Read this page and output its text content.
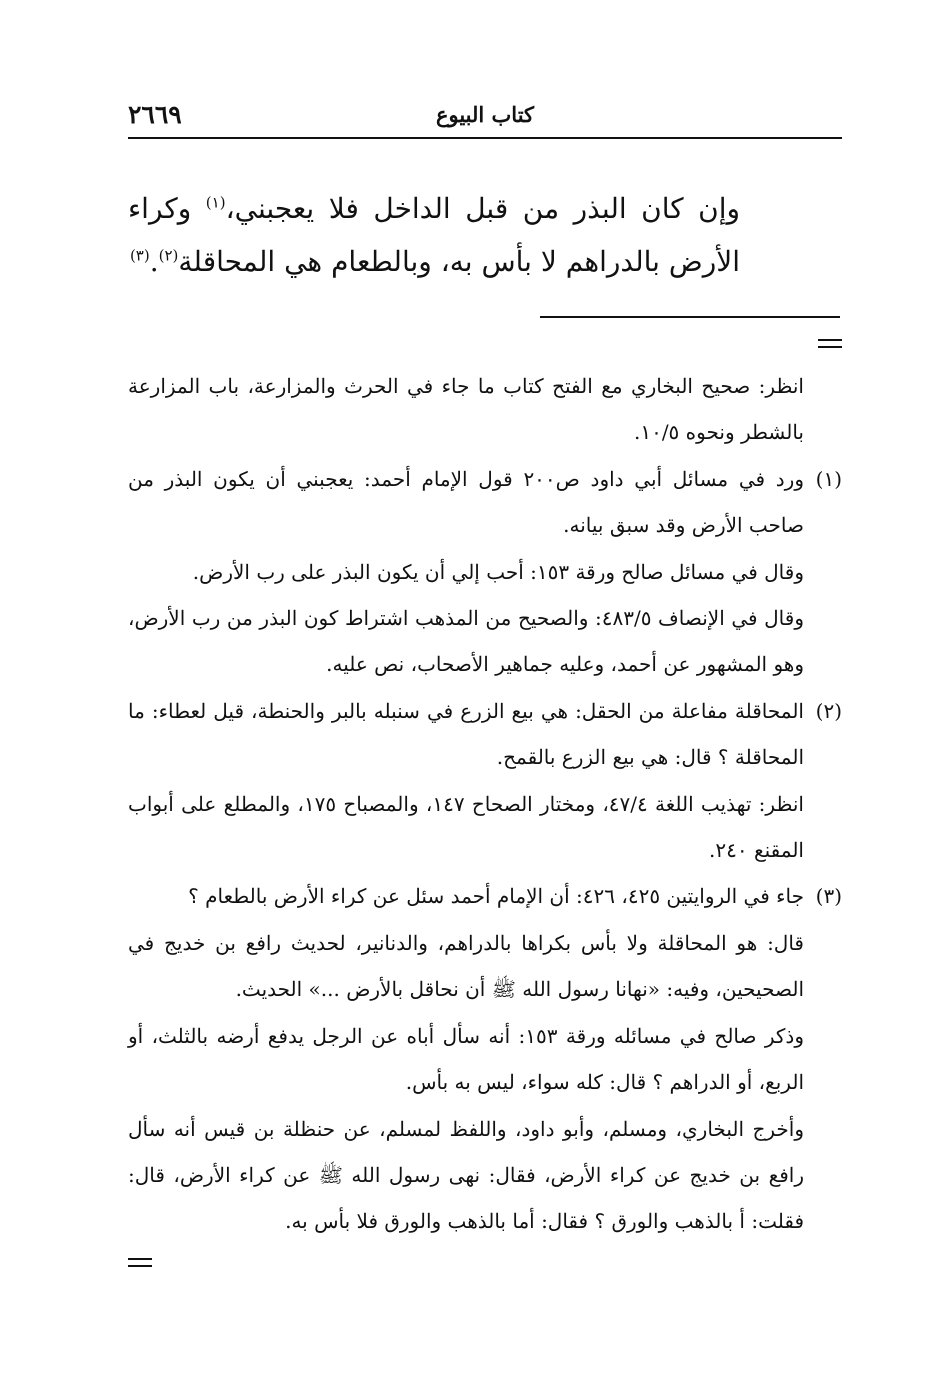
كتاب البيوع
٢٦٦٩
وإن كان البذر من قبل الداخل فلا يعجبني،$^{(١)}$ وكراء الأرض بالدراهم لا بأس به، وبالطعام هي المحاقلة$^{(٢)}$.$^{(٣)}$
انظر: صحيح البخاري مع الفتح كتاب ما جاء في الحرث والمزارعة، باب المزارعة بالشطر ونحوه ١٠/٥.
(١)
ورد في مسائل أبي داود ص٢٠٠ قول الإمام أحمد: يعجبني أن يكون البذر من صاحب الأرض وقد سبق بيانه.
وقال في مسائل صالح ورقة ١٥٣: أحب إلي أن يكون البذر على رب الأرض.
وقال في الإنصاف ٤٨٣/٥: والصحيح من المذهب اشتراط كون البذر من رب الأرض، وهو المشهور عن أحمد، وعليه جماهير الأصحاب، نص عليه.
(٢)
المحاقلة مفاعلة من الحقل: هي بيع الزرع في سنبله بالبر والحنطة، قيل لعطاء: ما المحاقلة ؟ قال: هي بيع الزرع بالقمح.
انظر: تهذيب اللغة ٤٧/٤، ومختار الصحاح ١٤٧، والمصباح ١٧٥، والمطلع على أبواب المقنع ٢٤٠.
(٣)
جاء في الروايتين ٤٢٥، ٤٢٦: أن الإمام أحمد سئل عن كراء الأرض بالطعام ؟
قال: هو المحاقلة ولا بأس بكراها بالدراهم، والدنانير، لحديث رافع بن خديج في الصحيحين، وفيه: «نهانا رسول الله ﷺ أن نحاقل بالأرض ...» الحديث.
وذكر صالح في مسائله ورقة ١٥٣: أنه سأل أباه عن الرجل يدفع أرضه بالثلث، أو الربع، أو الدراهم ؟ قال: كله سواء، ليس به بأس.
وأخرج البخاري، ومسلم، وأبو داود، واللفظ لمسلم، عن حنظلة بن قيس أنه سأل رافع بن خديج عن كراء الأرض، فقال: نهى رسول الله ﷺ عن كراء الأرض، قال: فقلت: أ بالذهب والورق ؟ فقال: أما بالذهب والورق فلا بأس به.
